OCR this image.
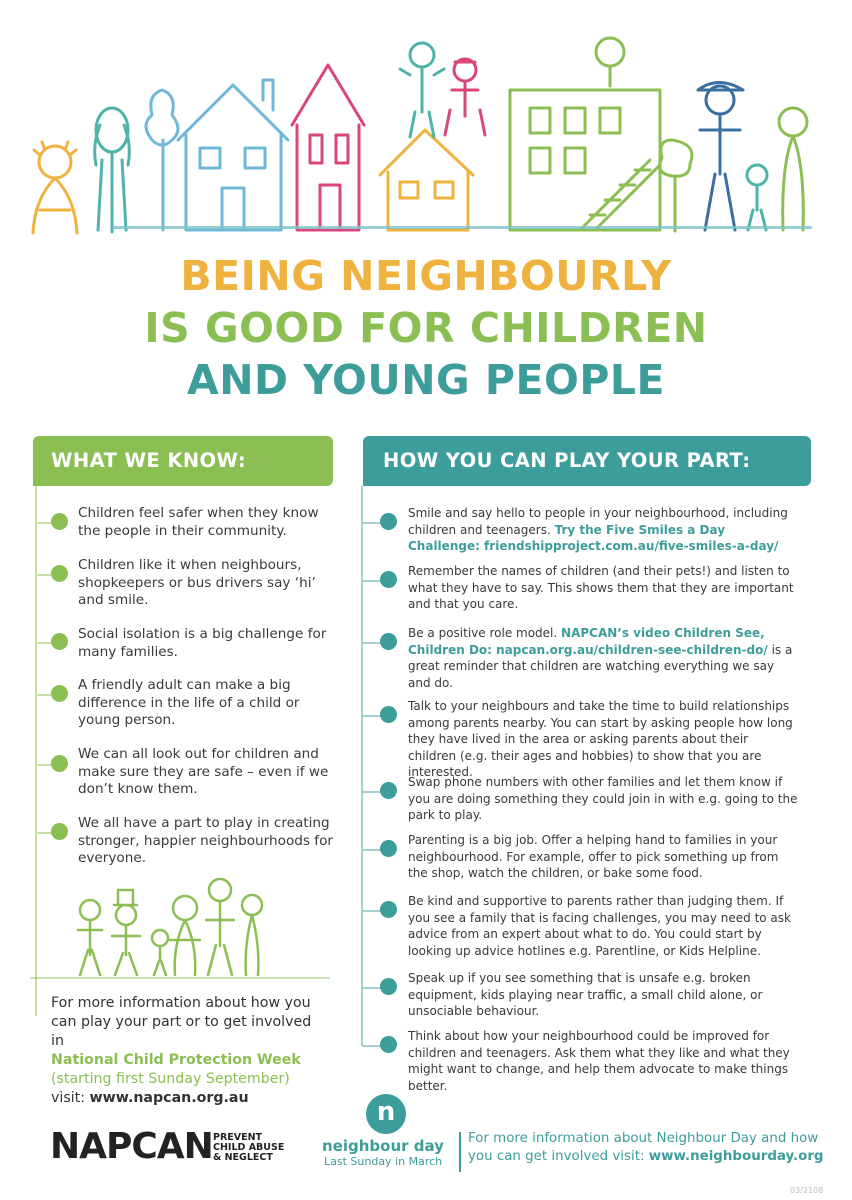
BEING NEIGHBOURLY
IS GOOD FOR CHILDREN
AND YOUNG PEOPLE
WHAT WE KNOW:
Children feel safer when they know the people in their community.
Children like it when neighbours, shopkeepers or bus drivers say ‘hi’ and smile.
Social isolation is a big challenge for many families.
A friendly adult can make a big difference in the life of a child or young person.
We can all look out for children and make sure they are safe – even if we don’t know them.
We all have a part to play in creating stronger, happier neighbourhoods for everyone.
For more information about how you can play your part or to get involved in
National Child Protection Week
(starting first Sunday September)
visit: www.napcan.org.au
NAPCAN PREVENT
CHILD ABUSE
& NEGLECT
HOW YOU CAN PLAY YOUR PART:
Smile and say hello to people in your neighbourhood, including children and teenagers. Try the Five Smiles a Day Challenge: friendshipproject.com.au/five-smiles-a-day/
Remember the names of children (and their pets!) and listen to what they have to say. This shows them that they are important and that you care.
Be a positive role model. NAPCAN’s video Children See, Children Do: napcan.org.au/children-see-children-do/ is a great reminder that children are watching everything we say and do.
Talk to your neighbours and take the time to build relationships among parents nearby. You can start by asking people how long they have lived in the area or asking parents about their children (e.g. their ages and hobbies) to show that you are interested.
Swap phone numbers with other families and let them know if you are doing something they could join in with e.g. going to the park to play.
Parenting is a big job. Offer a helping hand to families in your neighbourhood. For example, offer to pick something up from the shop, watch the children, or bake some food.
Be kind and supportive to parents rather than judging them. If you see a family that is facing challenges, you may need to ask advice from an expert about what to do. You could start by looking up advice hotlines e.g. Parentline, or Kids Helpline.
Speak up if you see something that is unsafe e.g. broken equipment, kids playing near traffic, a small child alone, or unsociable behaviour.
Think about how your neighbourhood could be improved for children and teenagers. Ask them what they like and what they might want to change, and help them advocate to make things better.
n
neighbour day
Last Sunday in March
For more information about Neighbour Day and how you can get involved visit: www.neighbourday.org
03/2108
